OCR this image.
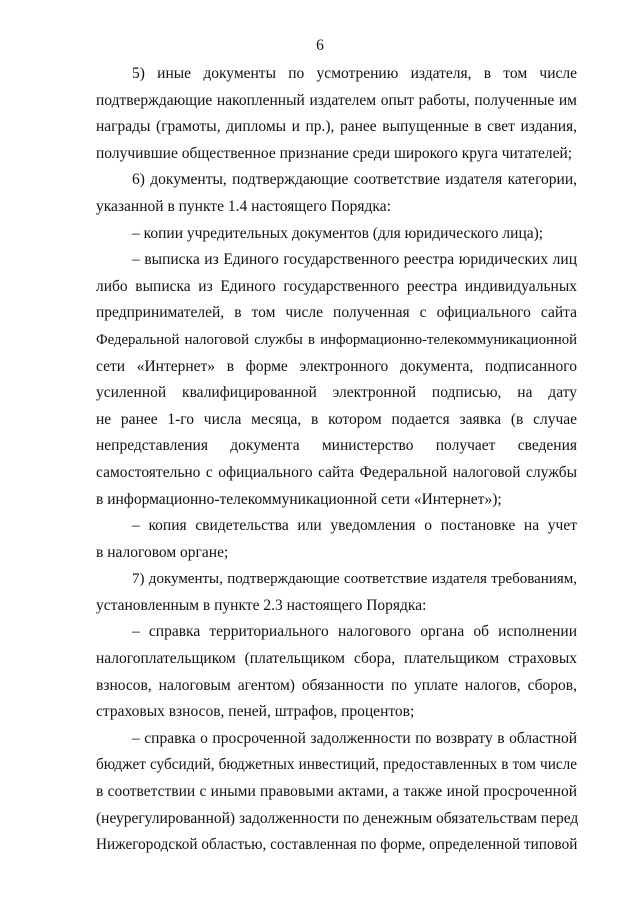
6
5) иные документы по усмотрению издателя, в том числе
подтверждающие накопленный издателем опыт работы, полученные им
награды (грамоты, дипломы и пр.), ранее выпущенные в свет издания,
получившие общественное признание среди широкого круга читателей;
6) документы, подтверждающие соответствие издателя категории,
указанной в пункте 1.4 настоящего Порядка:
– копии учредительных документов (для юридического лица);
– выписка из Единого государственного реестра юридических лиц
либо выписка из Единого государственного реестра индивидуальных
предпринимателей, в том числе полученная с официального сайта
Федеральной налоговой службы в информационно-телекоммуникационной
сети «Интернет» в форме электронного документа, подписанного
усиленной квалифицированной электронной подписью, на дату
не ранее 1-го числа месяца, в котором подается заявка (в случае
непредставления документа министерство получает сведения
самостоятельно с официального сайта Федеральной налоговой службы
в информационно-телекоммуникационной сети «Интернет»);
– копия свидетельства или уведомления о постановке на учет
в налоговом органе;
7) документы, подтверждающие соответствие издателя требованиям,
установленным в пункте 2.3 настоящего Порядка:
– справка территориального налогового органа об исполнении
налогоплательщиком (плательщиком сбора, плательщиком страховых
взносов, налоговым агентом) обязанности по уплате налогов, сборов,
страховых взносов, пеней, штрафов, процентов;
– справка о просроченной задолженности по возврату в областной
бюджет субсидий, бюджетных инвестиций, предоставленных в том числе
в соответствии с иными правовыми актами, а также иной просроченной
(неурегулированной) задолженности по денежным обязательствам перед
Нижегородской областью, составленная по форме, определенной типовой
